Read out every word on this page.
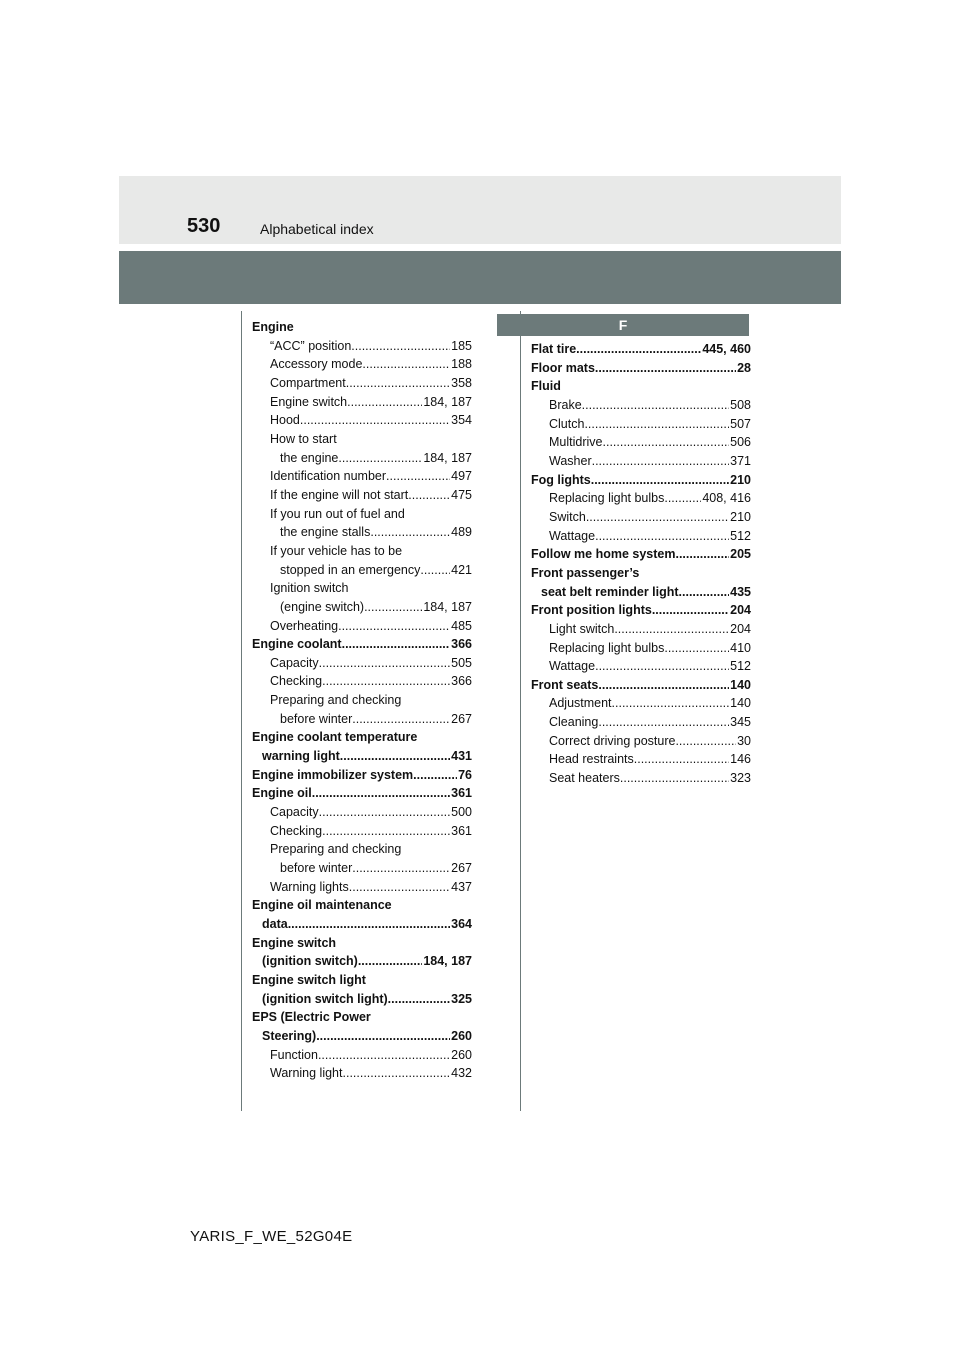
530	Alphabetical index
F
Engine
“ACC” position .....	185
Accessory mode .....	188
Compartment .....	358
Engine switch .....	184, 187
Hood .....	354
How to start
the engine .....	184, 187
Identification number .....	497
If the engine will not start .....	475
If you run out of fuel and
the engine stalls .....	489
If your vehicle has to be
stopped in an emergency ..... 421
Ignition switch
(engine switch) .....	184, 187
Overheating .....	485
Engine coolant .....	366
Capacity .....	505
Checking .....	366
Preparing and checking
before winter .....	267
Engine coolant temperature
warning light .....	431
Engine immobilizer system .....	76
Engine oil .....	361
Capacity .....	500
Checking .....	361
Preparing and checking
before winter .....	267
Warning lights .....	437
Engine oil maintenance
data .....	364
Engine switch
(ignition switch) .....	184, 187
Engine switch light
(ignition switch light) .....	325
EPS (Electric Power
Steering) .....	260
Function .....	260
Warning light .....	432
Flat tire .....	445, 460
Floor mats .....	28
Fluid
Brake .....	508
Clutch .....	507
Multidrive .....	506
Washer .....	371
Fog lights .....	210
Replacing light bulbs .....	408, 416
Switch .....	210
Wattage .....	512
Follow me home system .....	205
Front passenger’s
seat belt reminder light .....	435
Front position lights .....	204
Light switch .....	204
Replacing light bulbs .....	410
Wattage .....	512
Front seats .....	140
Adjustment .....	140
Cleaning .....	345
Correct driving posture .....	30
Head restraints .....	146
Seat heaters .....	323
YARIS_F_WE_52G04E
